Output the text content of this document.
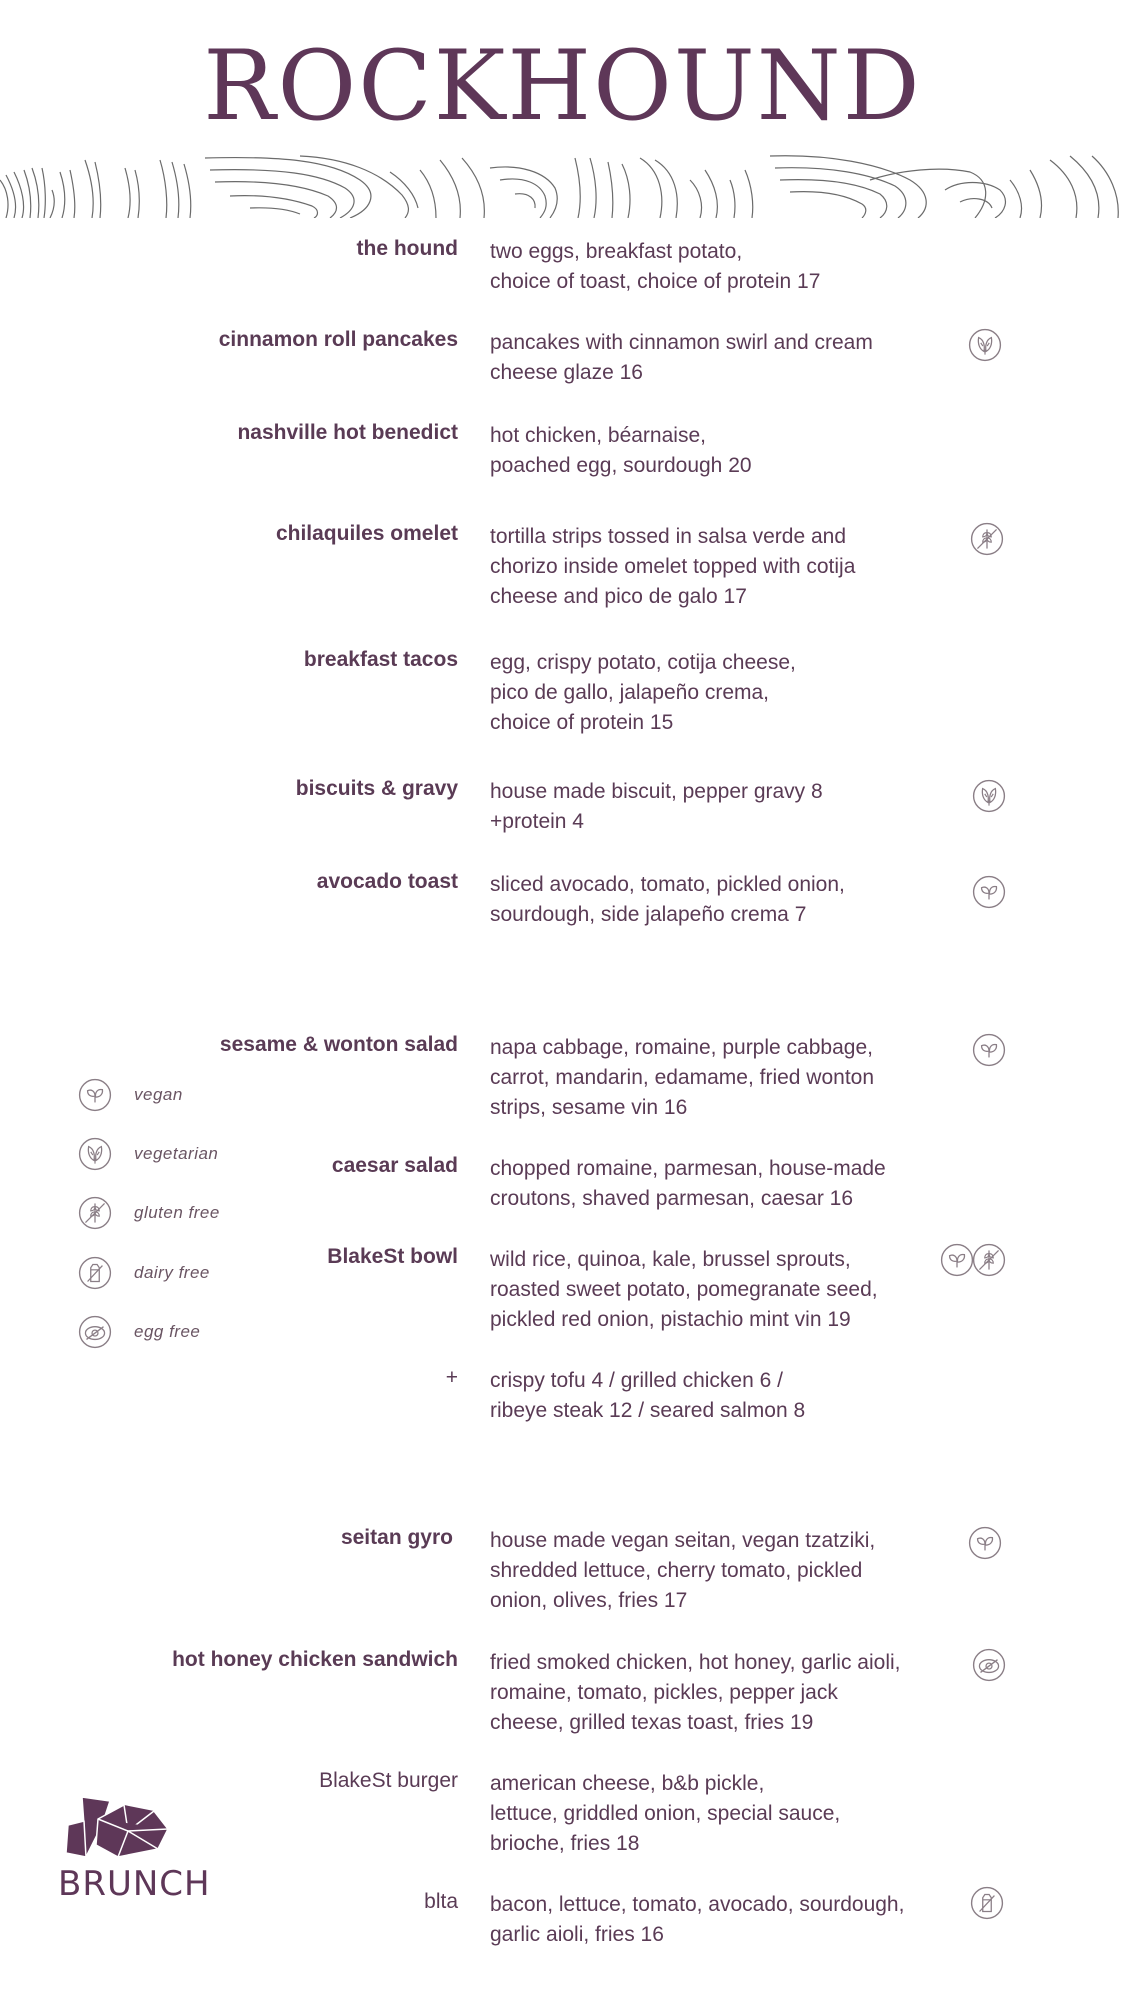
ROCKHOUND
the hound two eggs, breakfast potato,
choice of toast, choice of protein 17
cinnamon roll pancakes pancakes with cinnamon swirl and cream
cheese glaze 16
nashville hot benedict hot chicken, béarnaise,
poached egg, sourdough 20
chilaquiles omelet tortilla strips tossed in salsa verde and
chorizo inside omelet topped with cotija
cheese and pico de galo 17
breakfast tacos egg, crispy potato, cotija cheese,
pico de gallo, jalapeño crema,
choice of protein 15
biscuits & gravy house made biscuit, pepper gravy 8
+protein 4
avocado toast sliced avocado, tomato, pickled onion,
sourdough, side jalapeño crema 7
sesame & wonton salad napa cabbage, romaine, purple cabbage,
carrot, mandarin, edamame, fried wonton
strips, sesame vin 16
caesar salad chopped romaine, parmesan, house-made
croutons, shaved parmesan, caesar 16
BlakeSt bowl wild rice, quinoa, kale, brussel sprouts,
roasted sweet potato, pomegranate seed,
pickled red onion, pistachio mint vin 19
+ crispy tofu 4 / grilled chicken 6 /
ribeye steak 12 / seared salmon 8
seitan gyro house made vegan seitan, vegan tzatziki,
shredded lettuce, cherry tomato, pickled
onion, olives, fries 17
hot honey chicken sandwich fried smoked chicken, hot honey, garlic aioli,
romaine, tomato, pickles, pepper jack
cheese, grilled texas toast, fries 19
BlakeSt burger american cheese, b&b pickle,
lettuce, griddled onion, special sauce,
brioche, fries 18
blta bacon, lettuce, tomato, avocado, sourdough,
garlic aioli, fries 16
vegan
vegetarian
gluten free
dairy free
egg free
BRUNCH
